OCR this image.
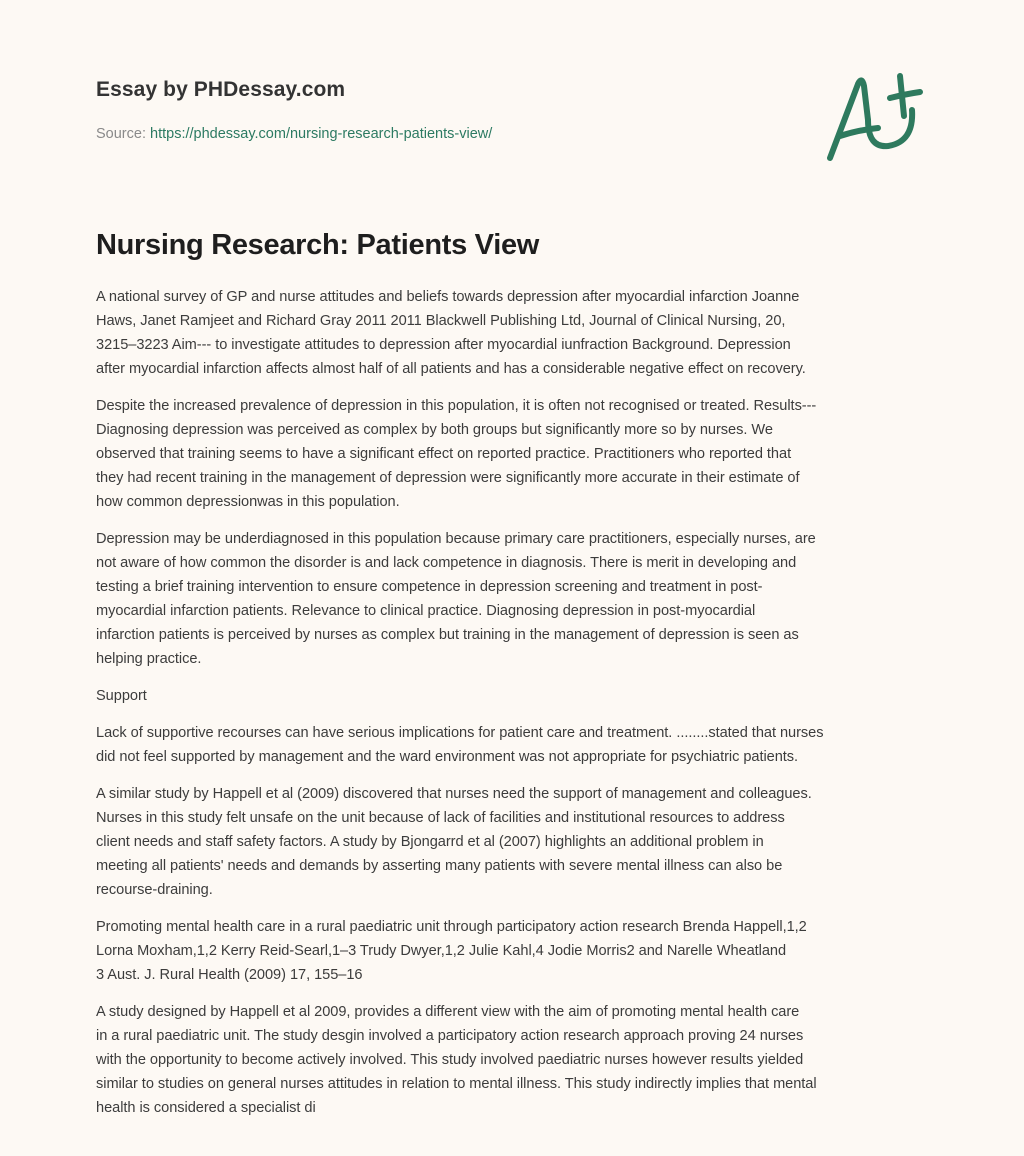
Essay by PHDessay.com
Source: https://phdessay.com/nursing-research-patients-view/
Nursing Research: Patients View

A national survey of GP and nurse attitudes and beliefs towards depression after myocardial infarction Joanne
Haws, Janet Ramjeet and Richard Gray 2011 2011 Blackwell Publishing Ltd, Journal of Clinical Nursing, 20,
3215–3223 Aim--- to investigate attitudes to depression after myocardial iunfraction Background. Depression
after myocardial infarction affects almost half of all patients and has a considerable negative effect on recovery.

Despite the increased prevalence of depression in this population, it is often not recognised or treated. Results---
Diagnosing depression was perceived as complex by both groups but significantly more so by nurses. We
observed that training seems to have a significant effect on reported practice. Practitioners who reported that
they had recent training in the management of depression were significantly more accurate in their estimate of
how common depressionwas in this population.

Depression may be underdiagnosed in this population because primary care practitioners, especially nurses, are
not aware of how common the disorder is and lack competence in diagnosis. There is merit in developing and
testing a brief training intervention to ensure competence in depression screening and treatment in post-
myocardial infarction patients. Relevance to clinical practice. Diagnosing depression in post-myocardial
infarction patients is perceived by nurses as complex but training in the management of depression is seen as
helping practice.

Support

Lack of supportive recourses can have serious implications for patient care and treatment. ........stated that nurses
did not feel supported by management and the ward environment was not appropriate for psychiatric patients.

A similar study by Happell et al (2009) discovered that nurses need the support of management and colleagues.
Nurses in this study felt unsafe on the unit because of lack of facilities and institutional resources to address
client needs and staff safety factors. A study by Bjongarrd et al (2007) highlights an additional problem in
meeting all patients' needs and demands by asserting many patients with severe mental illness can also be
recourse-draining.

Promoting mental health care in a rural paediatric unit through participatory action research Brenda Happell,1,2
Lorna Moxham,1,2 Kerry Reid-Searl,1–3 Trudy Dwyer,1,2 Julie Kahl,4 Jodie Morris2 and Narelle Wheatland
3 Aust. J. Rural Health (2009) 17, 155–16

A study designed by Happell et al 2009, provides a different view with the aim of promoting mental health care
in a rural paediatric unit. The study desgin involved a participatory action research approach proving 24 nurses
with the opportunity to become actively involved. This study involved paediatric nurses however results yielded
similar to studies on general nurses attitudes in relation to mental illness. This study indirectly implies that mental
health is considered a specialist di
